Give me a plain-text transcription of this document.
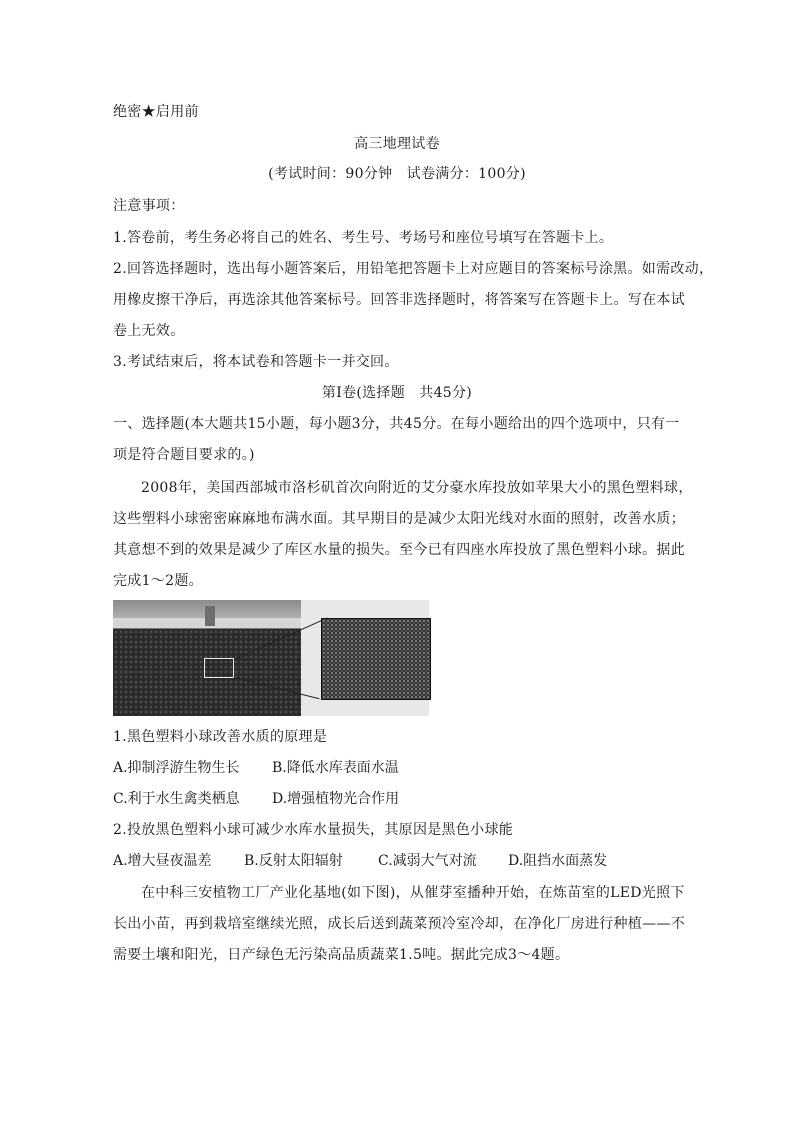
绝密★启用前
高三地理试卷
(考试时间：90分钟　试卷满分：100分)
注意事项：
1.答卷前，考生务必将自己的姓名、考生号、考场号和座位号填写在答题卡上。
2.回答选择题时，选出每小题答案后，用铅笔把答题卡上对应题目的答案标号涂黑。如需改动，
用橡皮擦干净后，再选涂其他答案标号。回答非选择题时，将答案写在答题卡上。写在本试
卷上无效。
3.考试结束后，将本试卷和答题卡一并交回。
第Ⅰ卷(选择题　共45分)
一、选择题(本大题共15小题，每小题3分，共45分。在每小题给出的四个选项中，只有一
项是符合题目要求的。)
2008年，美国西部城市洛杉矶首次向附近的艾分豪水库投放如苹果大小的黑色塑料球，
这些塑料小球密密麻麻地布满水面。其早期目的是减少太阳光线对水面的照射，改善水质；
其意想不到的效果是减少了库区水量的损失。至今已有四座水库投放了黑色塑料小球。据此
完成1～2题。
1.黑色塑料小球改善水质的原理是
A.抑制浮游生物生长 B.降低水库表面水温
C.利于水生禽类栖息 D.增强植物光合作用
2.投放黑色塑料小球可减少水库水量损失，其原因是黑色小球能
A.增大昼夜温差 B.反射太阳辐射	C.减弱大气对流 D.阻挡水面蒸发
在中科三安植物工厂产业化基地(如下图)，从催芽室播种开始，在炼苗室的LED光照下
长出小苗，再到栽培室继续光照，成长后送到蔬菜预冷室冷却，在净化厂房进行种植——不
需要土壤和阳光，日产绿色无污染高品质蔬菜1.5吨。据此完成3～4题。
